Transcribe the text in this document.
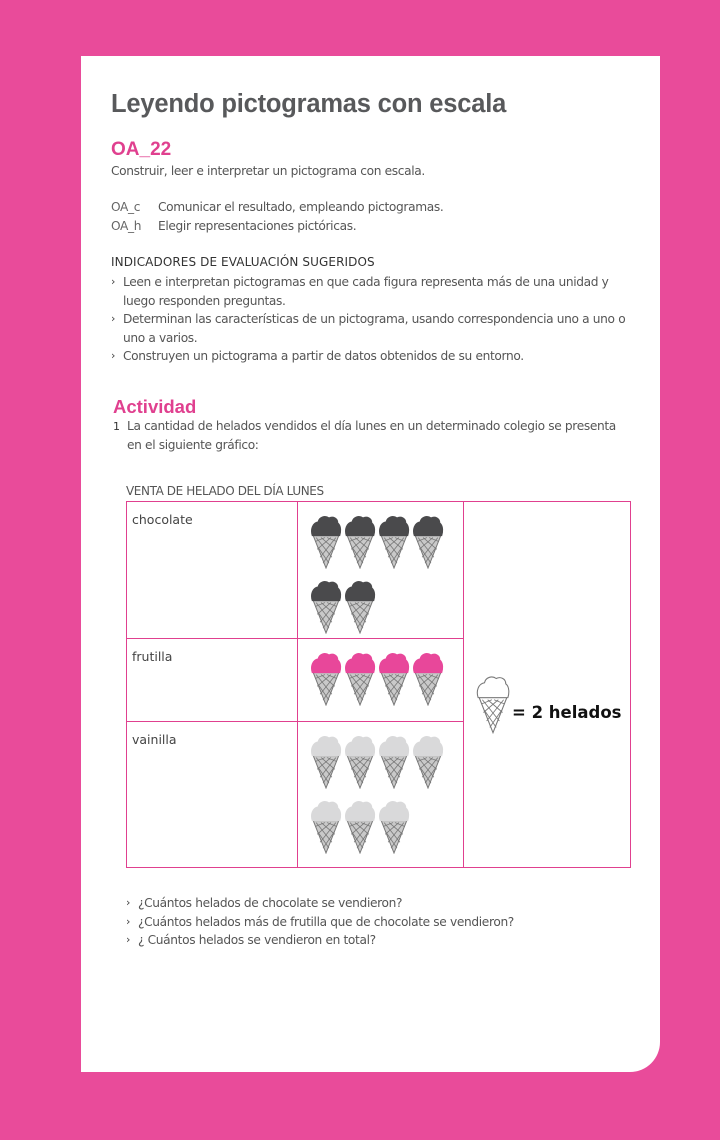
Leyendo pictogramas con escala
OA_22
Construir, leer e interpretar un pictograma con escala.
OA_c	Comunicar el resultado, empleando pictogramas.
OA_h	Elegir representaciones pictóricas.
INDICADORES DE EVALUACIÓN SUGERIDOS
› Leen e interpretan pictogramas en que cada figura representa más de una unidad y luego responden preguntas.
› Determinan las características de un pictograma, usando correspondencia uno a uno o uno a varios.
› Construyen un pictograma a partir de datos obtenidos de su entorno.
Actividad
1 La cantidad de helados vendidos el día lunes en un determinado colegio se presenta en el siguiente gráfico:
VENTA DE HELADO DEL DÍA LUNES
chocolate		= 2 helados

frutilla	

vainilla	
› ¿Cuántos helados de chocolate se vendieron?
› ¿Cuántos helados más de frutilla que de chocolate se vendieron?
› ¿ Cuántos helados se vendieron en total?
